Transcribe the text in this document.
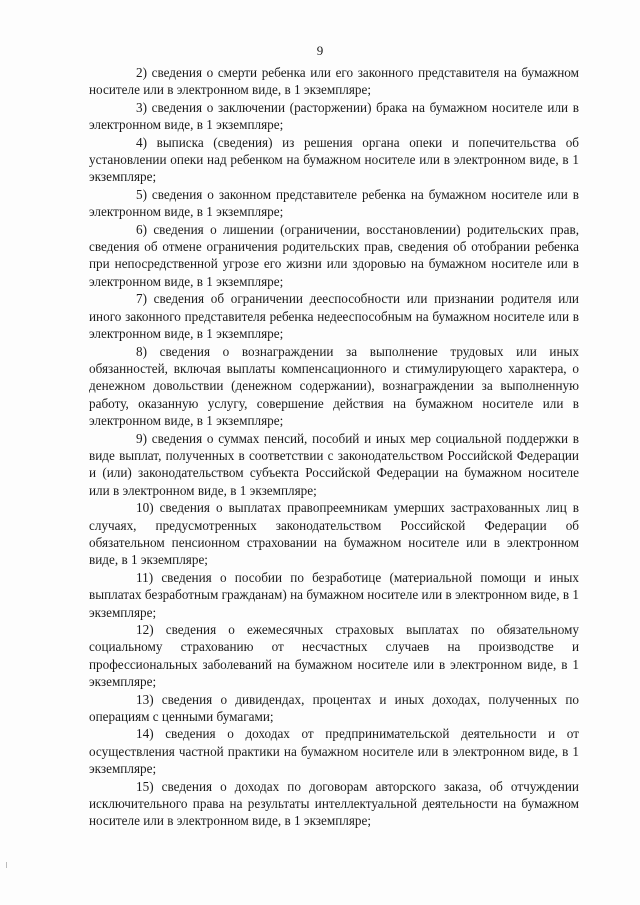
9

2) сведения о смерти ребенка или его законного представителя на бумажном носителе или в электронном виде, в 1 экземпляре;

3) сведения о заключении (расторжении) брака на бумажном носителе или в электронном виде, в 1 экземпляре;

4) выписка (сведения) из решения органа опеки и попечительства об установлении опеки над ребенком на бумажном носителе или в электронном виде, в 1 экземпляре;

5) сведения о законном представителе ребенка на бумажном носителе или в электронном виде, в 1 экземпляре;

6) сведения о лишении (ограничении, восстановлении) родительских прав, сведения об отмене ограничения родительских прав, сведения об отобрании ребенка при непосредственной угрозе его жизни или здоровью на бумажном носителе или в электронном виде, в 1 экземпляре;

7) сведения об ограничении дееспособности или признании родителя или иного законного представителя ребенка недееспособным на бумажном носителе или в электронном виде, в 1 экземпляре;

8) сведения о вознаграждении за выполнение трудовых или иных обязанностей, включая выплаты компенсационного и стимулирующего характера, о денежном довольствии (денежном содержании), вознаграждении за выполненную работу, оказанную услугу, совершение действия на бумажном носителе или в электронном виде, в 1 экземпляре;

9) сведения о суммах пенсий, пособий и иных мер социальной поддержки в виде выплат, полученных в соответствии с законодательством Российской Федерации и (или) законодательством субъекта Российской Федерации на бумажном носителе или в электронном виде, в 1 экземпляре;

10) сведения о выплатах правопреемникам умерших застрахованных лиц в случаях, предусмотренных законодательством Российской Федерации об обязательном пенсионном страховании на бумажном носителе или в электронном виде, в 1 экземпляре;

11) сведения о пособии по безработице (материальной помощи и иных выплатах безработным гражданам) на бумажном носителе или в электронном виде, в 1 экземпляре;

12) сведения о ежемесячных страховых выплатах по обязательному социальному страхованию от несчастных случаев на производстве и профессиональных заболеваний на бумажном носителе или в электронном виде, в 1 экземпляре;

13) сведения о дивидендах, процентах и иных доходах, полученных по операциям с ценными бумагами;

14) сведения о доходах от предпринимательской деятельности и от осуществления частной практики на бумажном носителе или в электронном виде, в 1 экземпляре;

15) сведения о доходах по договорам авторского заказа, об отчуждении исключительного права на результаты интеллектуальной деятельности на бумажном носителе или в электронном виде, в 1 экземпляре;
